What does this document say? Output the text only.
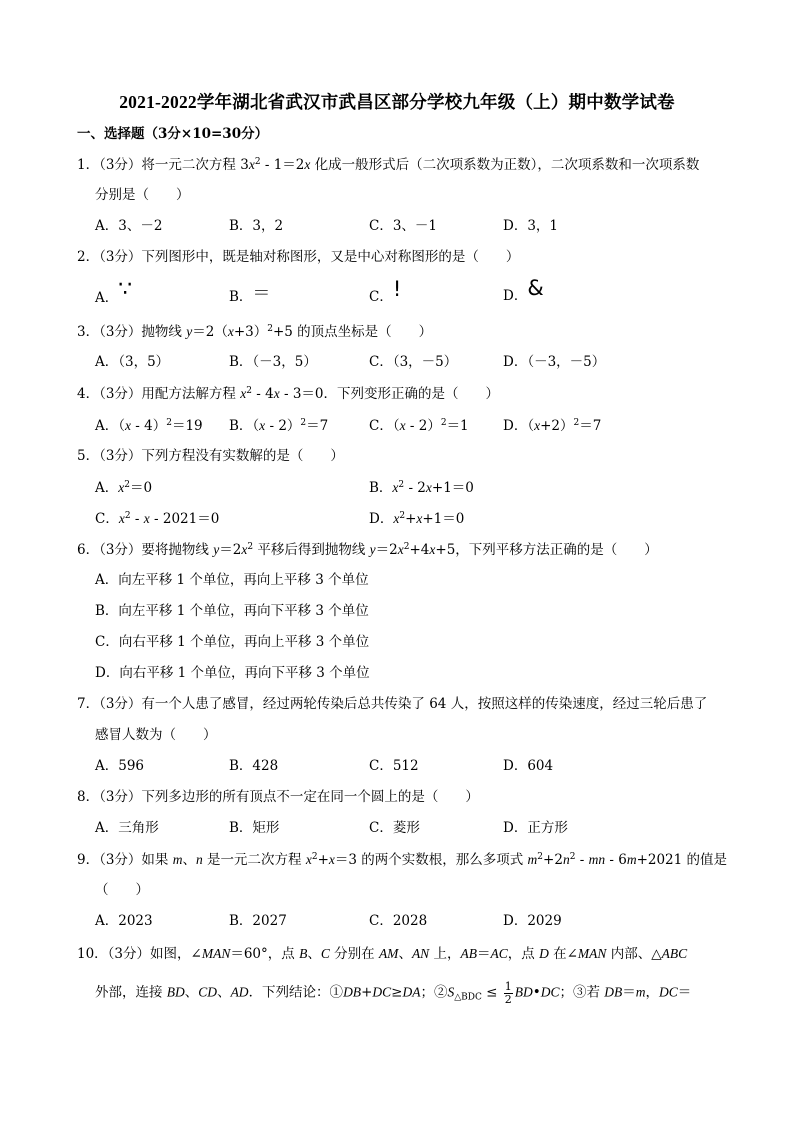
2021-2022学年湖北省武汉市武昌区部分学校九年级（上）期中数学试卷
一、选择题（3分×10=30分）
1．（3分）将一元二次方程 $3x^2 - 1=2x$ 化成一般形式后（二次项系数为正数），二次项系数和一次项系数
分别是（　　）
A．3、－2	B．3，2	C．3、－1	D．3，1
2．（3分）下列图形中，既是轴对称图形，又是中心对称图形的是（　　）
A．∵	B．＝	C．!	D．&
3．（3分）抛物线 $y=2(x+3)^2+5$ 的顶点坐标是（　　）
A．（3，5）	B．（－3，5）	C．（3，－5）	D．（－3，－5）
4．（3分）用配方法解方程 $x^2 - 4x - 3=0$．下列变形正确的是（　　）
A．（x - 4）$^2$＝19 B．（x - 2）$^2$＝7	C．（x - 2）$^2$＝1	D．$(x+2)^2=7$
5．（3分）下列方程没有实数解的是（　　）
A．$x^2=0$	B．$x^2 - 2x+1=0$
C．$x^2 - x - 2021=0$	D．$x^2+x+1=0$
6．（3分）要将抛物线 $y=2x^2$ 平移后得到抛物线 $y=2x^2+4x+5$，下列平移方法正确的是（　　）
A．向左平移 1 个单位，再向上平移 3 个单位
B．向左平移 1 个单位，再向下平移 3 个单位
C．向右平移 1 个单位，再向上平移 3 个单位
D．向右平移 1 个单位，再向下平移 3 个单位
7．（3分）有一个人患了感冒，经过两轮传染后总共传染了 64 人，按照这样的传染速度，经过三轮后患了
感冒人数为（　　）
A．596	B．428	C．512	D．604
8．（3分）下列多边形的所有顶点不一定在同一个圆上的是（　　）
A．三角形	B．矩形	C．菱形	D．正方形
9．（3分）如果 m、n 是一元二次方程 $x^2+x=3$ 的两个实数根，那么多项式 $m^2+2n^2$ - mn - 6m+2021 的值是
（　　）
A．2023	B．2027	C．2028	D．2029
10．（3分）如图，∠MAN＝60°，点 B、C 分别在 AM、AN 上，AB＝AC，点 D 在∠MAN 内部、△ABC
外部，连接 BD、CD、AD．下列结论：①DB+DC≥DA；$②S_{\triangle BDC} \le \frac{1}{2}$ BD•DC；③若 DB＝m，DC＝
